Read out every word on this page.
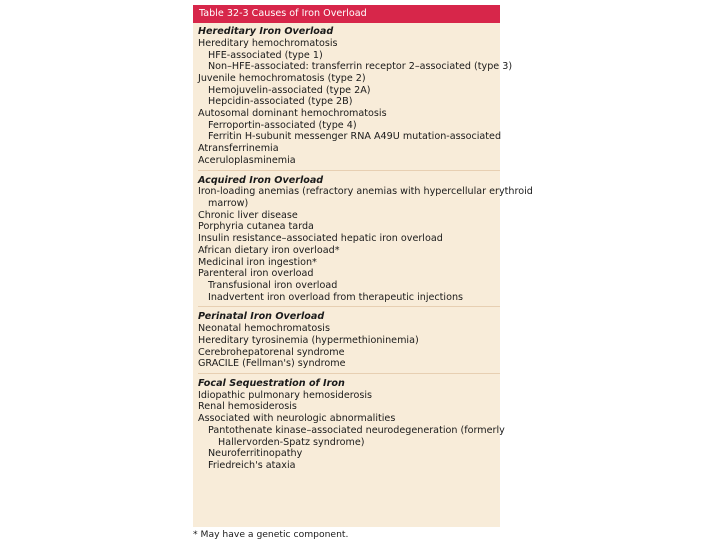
Table 32-3 Causes of Iron Overload
Hereditary Iron Overload
Hereditary hemochromatosis
HFE-associated (type 1)
Non–HFE-associated: transferrin receptor 2–associated (type 3)
Juvenile hemochromatosis (type 2)
Hemojuvelin-associated (type 2A)
Hepcidin-associated (type 2B)
Autosomal dominant hemochromatosis
Ferroportin-associated (type 4)
Ferritin H-subunit messenger RNA A49U mutation-associated
Atransferrinemia
Aceruloplasminemia
Acquired Iron Overload
Iron-loading anemias (refractory anemias with hypercellular erythroid
marrow)
Chronic liver disease
Porphyria cutanea tarda
Insulin resistance–associated hepatic iron overload
African dietary iron overload*
Medicinal iron ingestion*
Parenteral iron overload
Transfusional iron overload
Inadvertent iron overload from therapeutic injections
Perinatal Iron Overload
Neonatal hemochromatosis
Hereditary tyrosinemia (hypermethioninemia)
Cerebrohepatorenal syndrome
GRACILE (Fellman's) syndrome
Focal Sequestration of Iron
Idiopathic pulmonary hemosiderosis
Renal hemosiderosis
Associated with neurologic abnormalities
Pantothenate kinase–associated neurodegeneration (formerly
Hallervorden-Spatz syndrome)
Neuroferritinopathy
Friedreich's ataxia
* May have a genetic component.
